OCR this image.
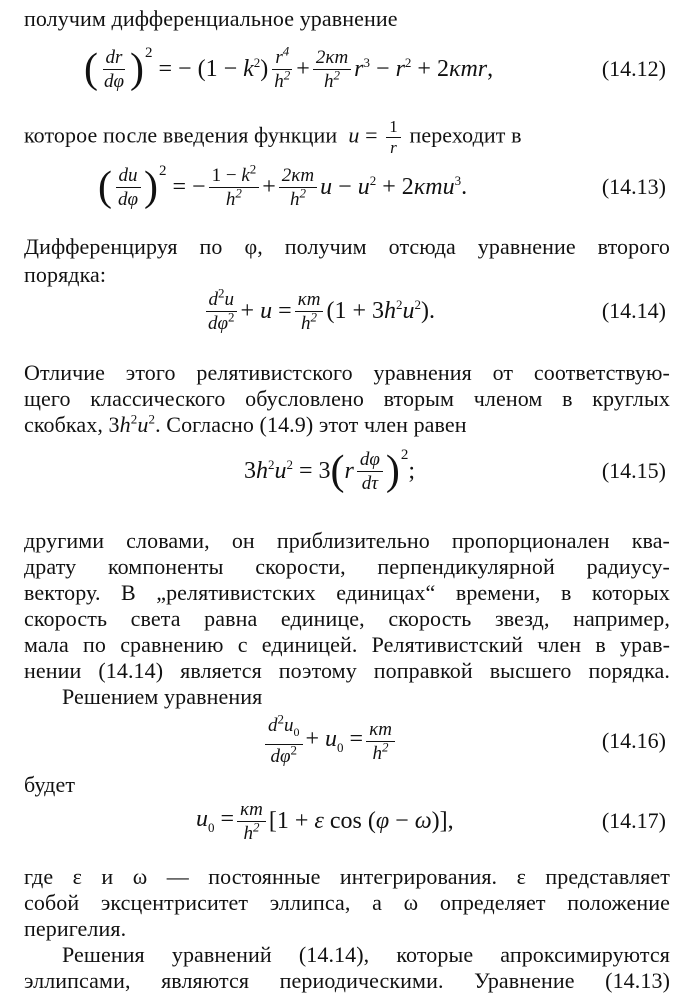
получим дифференциальное уравнение
( $\frac{dr}{d\varphi}$ ) 2
= − $(1 - k^2) \frac{r^4}{h^2} + \frac{2\kappa m}{h^2} r^3 - r^2 + 2\kappa mr$,	(14.12)
которое после введения функции  $u = \frac{1}{r}$ переходит в
( $\frac{du}{d\varphi}$ ) 2
= − $\frac{1 - k^2}{h^2} + \frac{2\kappa m}{h^2}$ $u - u^2 + 2\kappa mu^3$.	(14.13)
Дифференцируя по φ, получим отсюда уравнение второго
порядка:
$\frac{d^2u}{d\varphi^2} + u = \frac{\kappa m}{h^2} (1 + 3h^2u^2)$.	(14.14)
Отличие этого релятивистского уравнения от соответствую-
щего классического обусловлено вторым членом в круглых
скобках, $3h^2u^2$. Согласно (14.9) этот член равен
$3h^2u^2 = 3$ ( r $\frac{d\varphi}{d\tau}$ ) 2
;	(14.15)
другими словами, он приблизительно пропорционален ква-
драту компоненты скорости, перпендикулярной радиусу-
вектору. В „релятивистских единицах“ времени, в которых
скорость света равна единице, скорость звезд, например,
мала по сравнению с единицей. Релятивистский член в урав-
нении (14.14) является поэтому поправкой высшего порядка.
Решением уравнения
$\frac{d^2u_0}{d\varphi^2} + u_0 = \frac{\kappa m}{h^2}$	(14.16)
будет
$u_0 = \frac{\kappa m}{h^2} [1 + \varepsilon$ cos (φ − ω)],	(14.17)
где ε и ω — постоянные интегрирования. ε представляет
собой эксцентриситет эллипса, а ω определяет положение
перигелия.
Решения уравнений (14.14), которые апроксимируются
эллипсами, являются периодическими. Уравнение (14.13)
